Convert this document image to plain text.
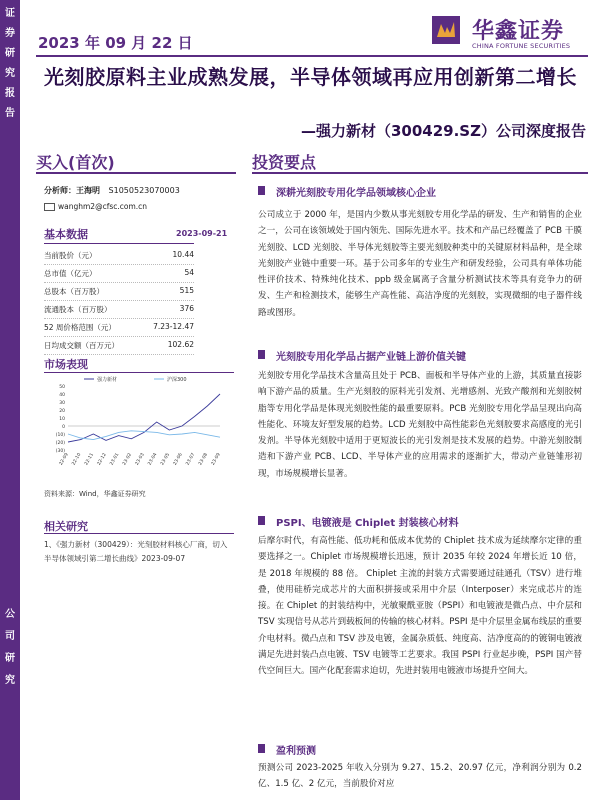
证券研究报告
公司研究
2023 年 09 月 22 日	华鑫证券
CHINA FORTUNE SECURITIES
光刻胶原料主业成熟发展，半导体领域再应用创新第二增长
—强力新材（300429.SZ）公司深度报告
买入(首次)	投资要点
分析师：王海明 S1050523070003
wanghm2@cfsc.com.cn
基本数据	2023-09-21
当前股价（元）	10.44
总市值（亿元）	54
总股本（百万股）	515
流通股本（百万股）	376
52 周价格范围（元）	7.23-12.47
日均成交额（百万元）	102.62
市场表现
(30)
(20)
(10)
0
10
20
30
40
50
22-09 22-10 22-11 22-12 23-01 23-02 23-03 23-04 23-05 23-06 23-07 23-08 23-09
强力新材	沪深300
资料来源：Wind，华鑫证券研究
相关研究
1、《强力新材（300429）：光刻胶材料核心厂商，切入半导体领域引第二增长曲线》2023-09-07
深耕光刻胶专用化学品领域核心企业

公司成立于 2000 年，是国内少数从事光刻胶专用化学品的研发、生产和销售的企业之一，公司在该领域处于国内领先、国际先进水平。技术和产品已经覆盖了 PCB 干膜光刻胶、LCD 光刻胶、半导体光刻胶等主要光刻胶种类中的关键原材料品种，是全球光刻胶产业链中重要一环。基于公司多年的专业生产和研发经验，公司具有单体功能性评价技术、特殊纯化技术、ppb 级金属离子含量分析测试技术等具有竞争力的研发、生产和检测技术，能够生产高性能、高洁净度的光刻胶，实现微细的电子器件线路或图形。

光刻胶专用化学品占据产业链上游价值关键

光刻胶专用化学品技术含量高且处于 PCB、面板和半导体产业的上游，其质量直接影响下游产品的质量。生产光刻胶的原料光引发剂、光增感剂、光致产酸剂和光刻胶树脂等专用化学品是体现光刻胶性能的最重要原料。PCB 光刻胶专用化学品呈现出向高性能化、环境友好型发展的趋势。LCD 光刻胶中高性能彩色光刻胶要求高感度的光引发剂。半导体光刻胶中适用于更短波长的光引发剂是技术发展的趋势。中游光刻胶制造和下游产业 PCB、LCD、半导体产业的应用需求的逐渐扩大，带动产业链雏形初现，市场规模增长显著。

PSPI、电镀液是 Chiplet 封装核心材料

后摩尔时代，有高性能、低功耗和低成本优势的 Chiplet 技术成为延续摩尔定律的重要选择之一。Chiplet 市场规模增长迅速，预计 2035 年较 2024 年增长近 10 倍，是 2018 年规模的 88 倍。 Chiplet 主流的封装方式需要通过硅通孔（TSV）进行堆叠，使用硅桥完成芯片的大面积拼接或采用中介层（Interposer）来完成芯片的连接。在 Chiplet 的封装结构中，光敏聚酰亚胺（PSPI）和电镀液是微凸点、中介层和 TSV 实现信号从芯片到载板间的传输的核心材料。PSPI 是中介层里金属布线层的重要介电材料。微凸点和 TSV 涉及电镀，金属杂质低、纯度高、洁净度高的的镀铜电镀液满足先进封装凸点电镀、TSV 电镀等工艺要求。我国 PSPI 行业起步晚，PSPI 国产替代空间巨大。国产化配套需求迫切，先进封装用电镀液市场提升空间大。

盈利预测

预测公司 2023-2025 年收入分别为 9.27、15.2、20.97 亿元，净利润分别为 0.2 亿、1.5 亿、2 亿元，当前股价对应
